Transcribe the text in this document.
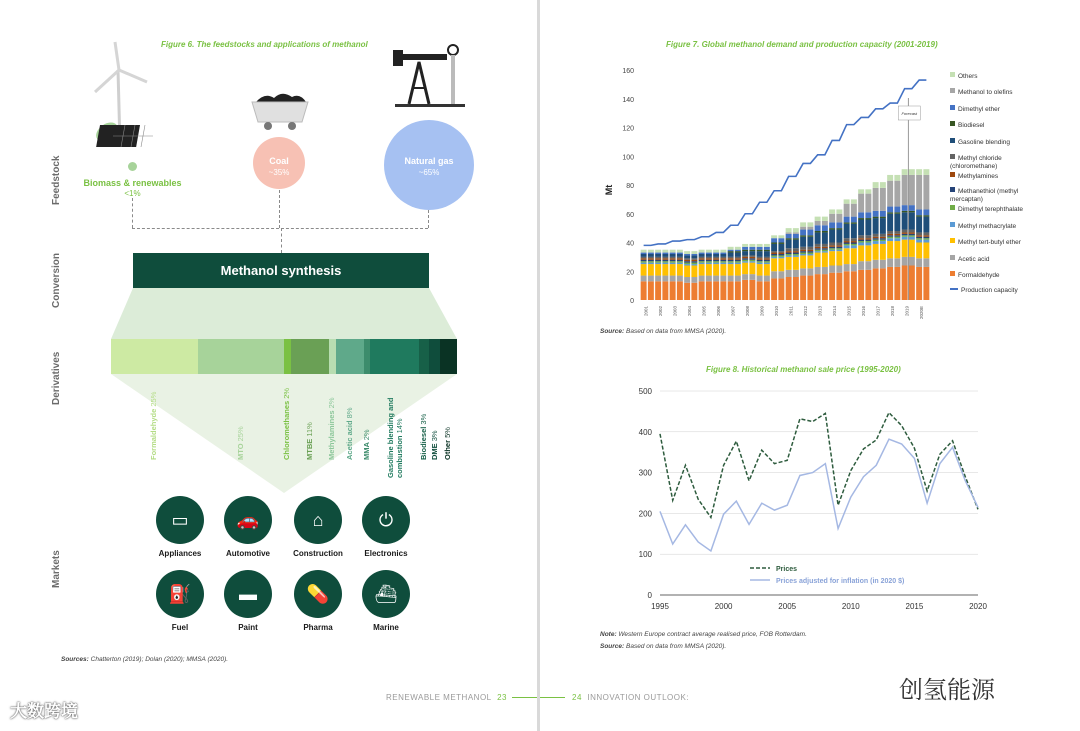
Figure 6. The feedstocks and applications of methanol
Feedstock
Conversion
Derivatives
Markets
Biomass & renewables
<1%
Coal
~35%
Natural gas
~65%
Methanol synthesis
Formaldehyde 25%
MTO 25%	Chloromethanes 2%
MTBE 11% Methylamines 2%
Acetic acid 8%
MMA 2% Gasoline blending and combustion 14% Biodiesel 3%
DME 3%
Other 5%
▭
Appliances
🚗
Automotive
⌂
Construction
⏻
Electronics
⛽
Fuel
▬
Paint
💊
Pharma
⛴
Marine
Sources: Chatterton (2019); Dolan (2020); MMSA (2020).
RENEWABLE METHANOL 23
Figure 7. Global methanol demand and production capacity (2001-2019)
0
20
40
60
80
100
120
140
160
Mt
Forecast
2001 2002 2003 2004 2005 2006 2007 2008 2009 2010 2011 2012 2013 2014 2015 2016 2017 2018 2019 2020E
Others
Methanol to olefins
Dimethyl ether
Biodiesel
Gasoline blending
Methyl chloride (chloromethane)
Methylamines
Methanethiol (methyl mercaptan)
Dimethyl terephthalate
Methyl methacrylate
Methyl tert-butyl ether
Acetic acid
Formaldehyde
Production capacity
Source: Based on data from MMSA (2020).
Figure 8. Historical methanol sale price (1995-2020)
0
100
200
300
400
500
1995	2000	2005	2010	2015	2020
Prices
Prices adjusted for inflation (in 2020 $)
Note: Western Europe contract average realised price, FOB Rotterdam.
Source: Based on data from MMSA (2020).
24 INNOVATION OUTLOOK:
大数跨境
创氢能源
